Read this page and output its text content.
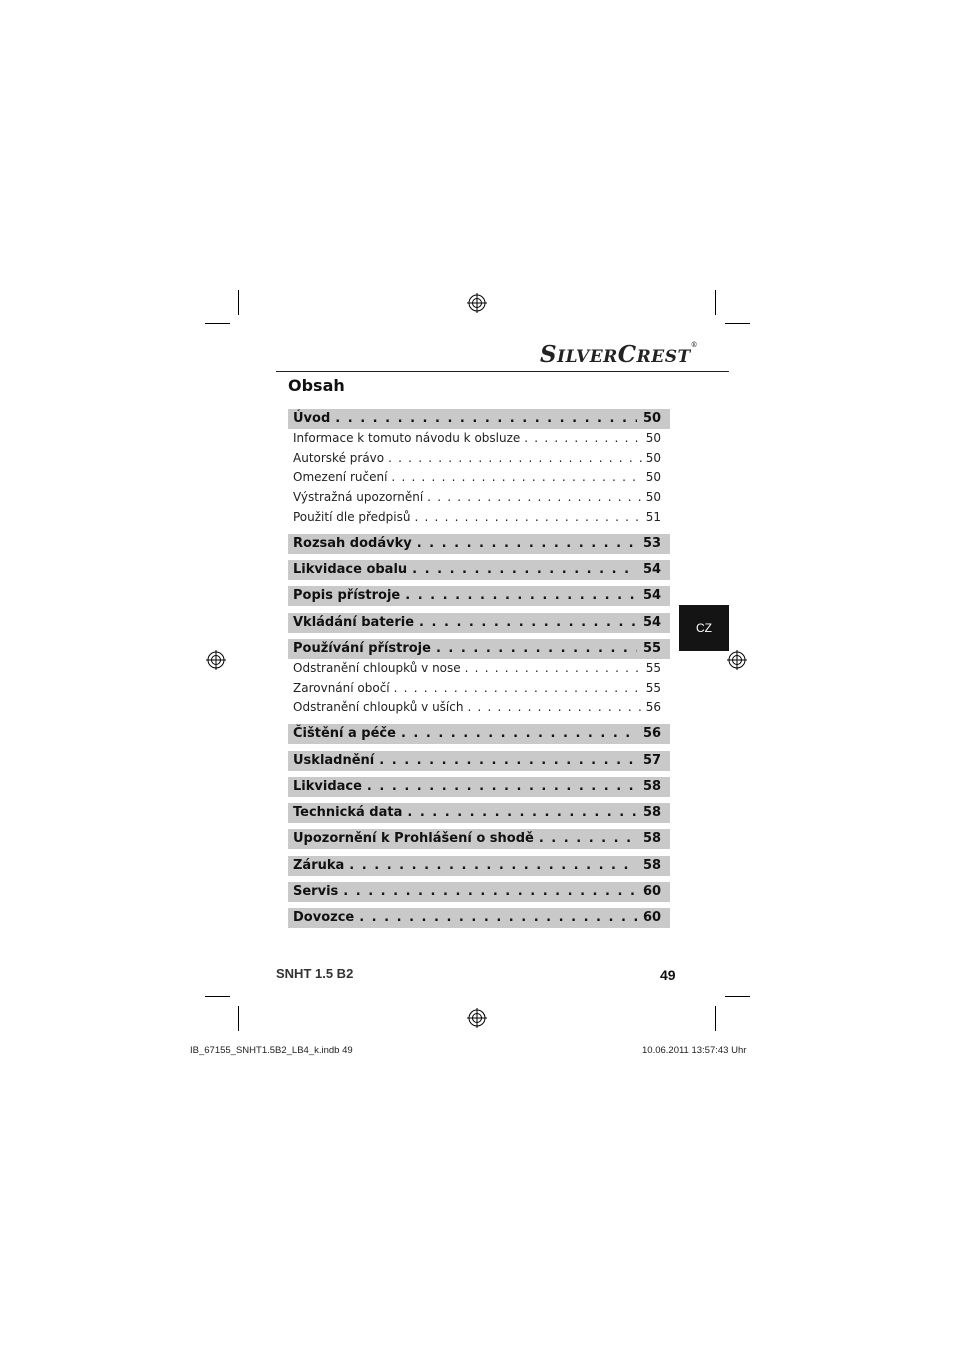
SILVERCREST®
Obsah
Úvod . . .	50
Informace k tomuto návodu k obsluze . . .	50
Autorské právo . . .	50
Omezení ručení . . .	50
Výstražná upozornění . . .	50
Použití dle předpisů . . .	51
Rozsah dodávky . . .	53
Likvidace obalu . . .	54
Popis přístroje . . .	54
Vkládání baterie . . .	54
Používání přístroje . . .	55
Odstranění chloupků v nose . . .	55
Zarovnání obočí . . .	55
Odstranění chloupků v uších . . .	56
Čištění a péče . . .	56
Uskladnění . . .	57
Likvidace . . .	58
Technická data . . .	58
Upozornění k Prohlášení o shodě . . .	58
Záruka . . .	58
Servis . . .	60
Dovozce . . .	60
CZ
SNHT 1.5 B2	49
IB_67155_SNHT1.5B2_LB4_k.indb 49	10.06.2011 13:57:43 Uhr
